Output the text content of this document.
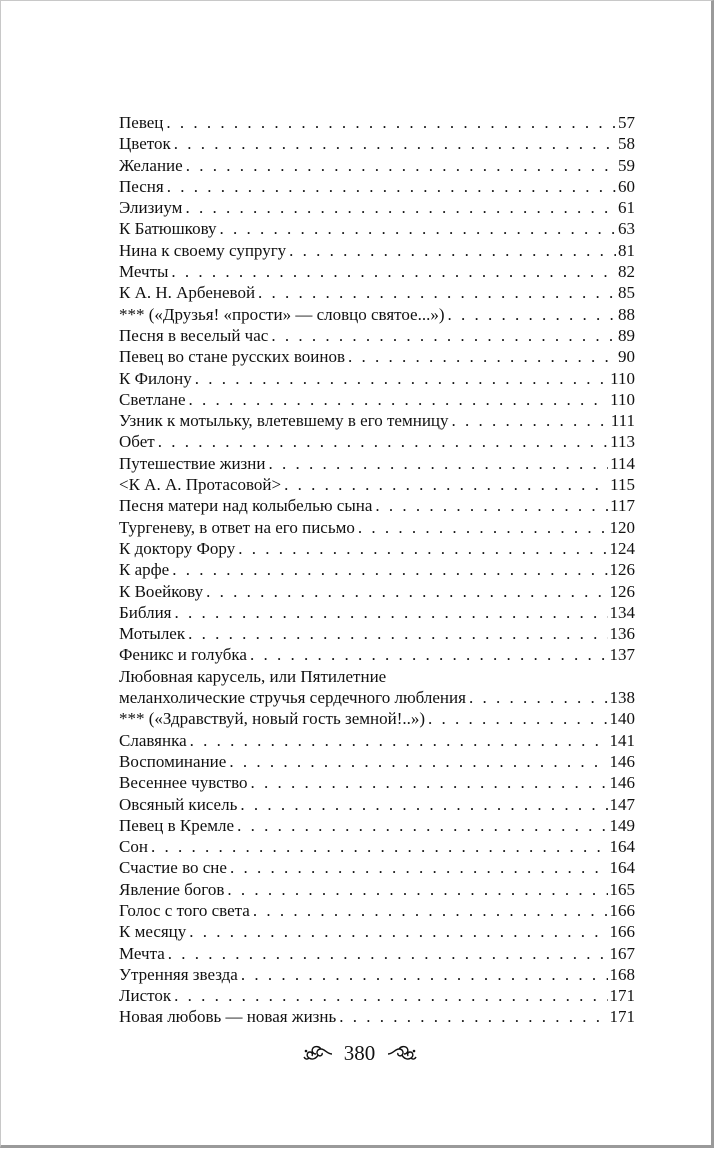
Певец . . .	57
Цветок . . .	58
Желание . . .	59
Песня . . .	60
Элизиум . . .	61
К Батюшкову . . .	63
Нина к своему супругу . . .	81
Мечты . . .	82
К А. Н. Арбеневой . . .	85
*** («Друзья! «прости» — словцо святое...») . . .	88
Песня в веселый час . . .	89
Певец во стане русских воинов . . .	90
К Филону . . .	110
Светлане . . .	110
Узник к мотыльку, влетевшему в его темницу . . .	111
Обет . . .	113
Путешествие жизни . . .	114
<К А. А. Протасовой> . . .	115
Песня матери над колыбелью сына . . .	117
Тургеневу, в ответ на его письмо . . .	120
К доктору Фору . . .	124
К арфе . . .	126
К Воейкову . . .	126
Библия . . .	134
Мотылек . . .	136
Феникс и голубка . . .	137
Любовная карусель, или Пятилетние
меланхолические стручья сердечного любления . . .	138
*** («Здравствуй, новый гость земной!..») . . .	140
Славянка . . .	141
Воспоминание . . .	146
Весеннее чувство . . .	146
Овсяный кисель . . .	147
Певец в Кремле . . .	149
Сон . . .	164
Счастие во сне . . .	164
Явление богов . . .	165
Голос с того света . . .	166
К месяцу . . .	166
Мечта . . .	167
Утренняя звезда . . .	168
Листок . . .	171
Новая любовь — новая жизнь . . .	171
380
